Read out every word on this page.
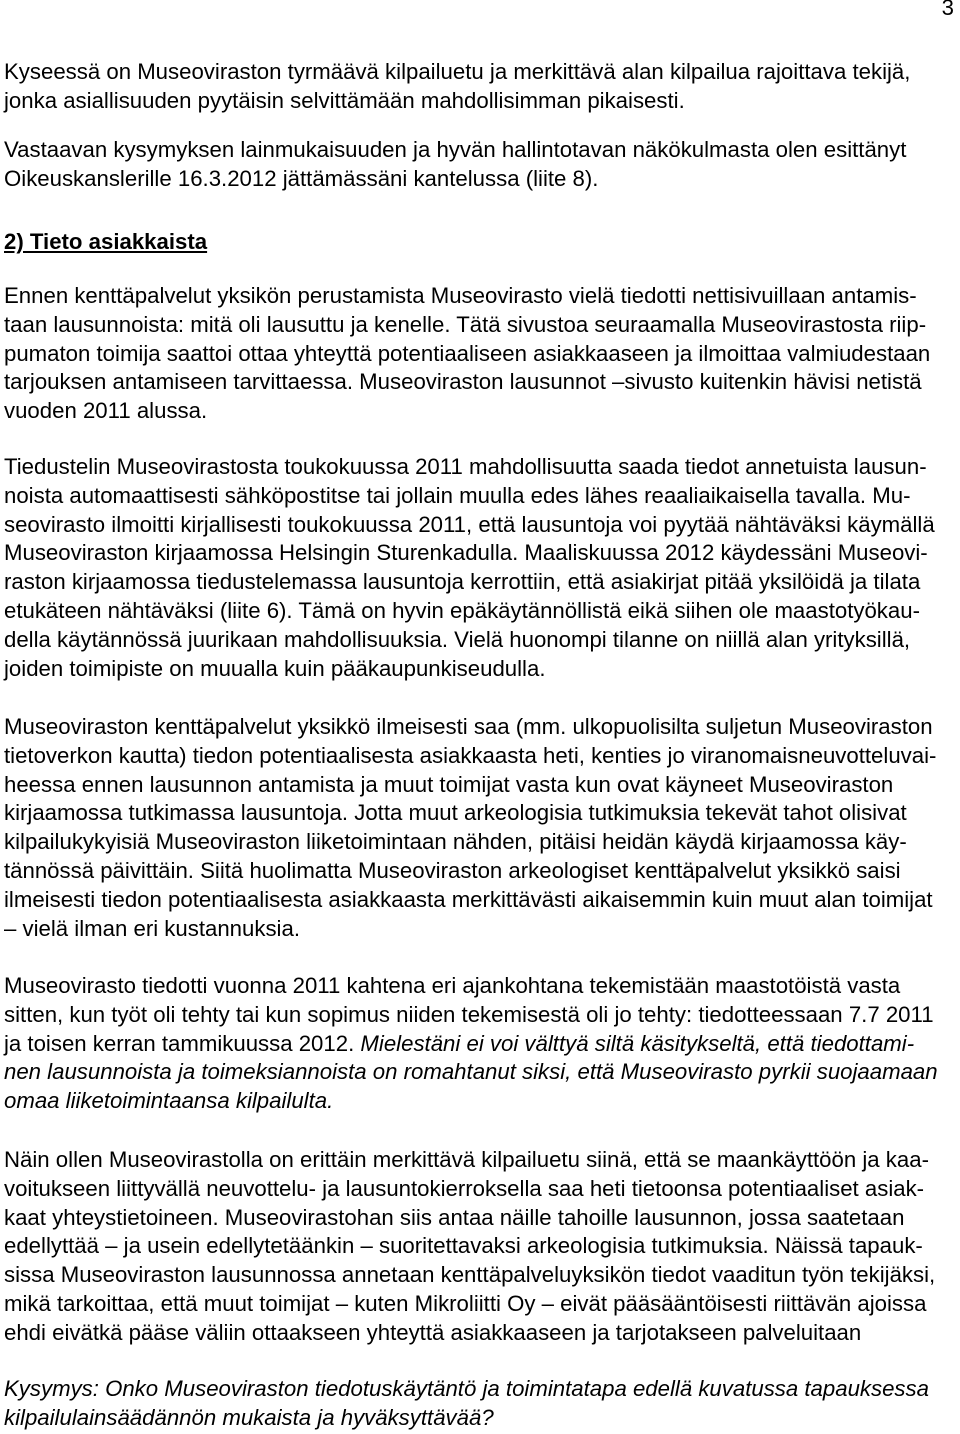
3
Kyseessä on Museoviraston tyrmäävä kilpailuetu ja merkittävä alan kilpailua rajoittava tekijä,
jonka asiallisuuden pyytäisin selvittämään mahdollisimman pikaisesti.
Vastaavan kysymyksen lainmukaisuuden ja hyvän hallintotavan näkökulmasta olen esittänyt
Oikeuskanslerille 16.3.2012 jättämässäni kantelussa (liite 8).
2) Tieto asiakkaista
Ennen kenttäpalvelut yksikön perustamista Museovirasto vielä tiedotti nettisivuillaan antamis-
taan lausunnoista: mitä oli lausuttu ja kenelle. Tätä sivustoa seuraamalla Museovirastosta riip-
pumaton toimija saattoi ottaa yhteyttä potentiaaliseen asiakkaaseen ja ilmoittaa valmiudestaan
tarjouksen antamiseen tarvittaessa. Museoviraston lausunnot –sivusto kuitenkin hävisi netistä
vuoden 2011 alussa.
Tiedustelin Museovirastosta toukokuussa 2011 mahdollisuutta saada tiedot annetuista lausun-
noista automaattisesti sähköpostitse tai jollain muulla edes lähes reaaliaikaisella tavalla. Mu-
seovirasto ilmoitti kirjallisesti toukokuussa 2011, että lausuntoja voi pyytää nähtäväksi käymällä
Museoviraston kirjaamossa Helsingin Sturenkadulla. Maaliskuussa 2012 käydessäni Museovi-
raston kirjaamossa tiedustelemassa lausuntoja kerrottiin, että asiakirjat pitää yksilöidä ja tilata
etukäteen nähtäväksi (liite 6). Tämä on hyvin epäkäytännöllistä eikä siihen ole maastotyökau-
della käytännössä juurikaan mahdollisuuksia. Vielä huonompi tilanne on niillä alan yrityksillä,
joiden toimipiste on muualla kuin pääkaupunkiseudulla.
Museoviraston kenttäpalvelut yksikkö ilmeisesti saa (mm. ulkopuolisilta suljetun Museoviraston
tietoverkon kautta) tiedon potentiaalisesta asiakkaasta heti, kenties jo viranomaisneuvotteluvai-
heessa ennen lausunnon antamista ja muut toimijat vasta kun ovat käyneet Museoviraston
kirjaamossa tutkimassa lausuntoja. Jotta muut arkeologisia tutkimuksia tekevät tahot olisivat
kilpailukykyisiä Museoviraston liiketoimintaan nähden, pitäisi heidän käydä kirjaamossa käy-
tännössä päivittäin. Siitä huolimatta Museoviraston arkeologiset kenttäpalvelut yksikkö saisi
ilmeisesti tiedon potentiaalisesta asiakkaasta merkittävästi aikaisemmin kuin muut alan toimijat
– vielä ilman eri kustannuksia.
Museovirasto tiedotti vuonna 2011 kahtena eri ajankohtana tekemistään maastotöistä vasta
sitten, kun työt oli tehty tai kun sopimus niiden tekemisestä oli jo tehty: tiedotteessaan 7.7 2011
ja toisen kerran tammikuussa 2012. Mielestäni ei voi välttyä siltä käsitykseltä, että tiedottami-
nen lausunnoista ja toimeksiannoista on romahtanut siksi, että Museovirasto pyrkii suojaamaan
omaa liiketoimintaansa kilpailulta.
Näin ollen Museovirastolla on erittäin merkittävä kilpailuetu siinä, että se maankäyttöön ja kaa-
voitukseen liittyvällä neuvottelu- ja lausuntokierroksella saa heti tietoonsa potentiaaliset asiak-
kaat yhteystietoineen. Museovirastohan siis antaa näille tahoille lausunnon, jossa saatetaan
edellyttää – ja usein edellytetäänkin – suoritettavaksi arkeologisia tutkimuksia. Näissä tapauk-
sissa Museoviraston lausunnossa annetaan kenttäpalveluyksikön tiedot vaaditun työn tekijäksi,
mikä tarkoittaa, että muut toimijat – kuten Mikroliitti Oy – eivät pääsääntöisesti riittävän ajoissa
ehdi eivätkä pääse väliin ottaakseen yhteyttä asiakkaaseen ja tarjotakseen palveluitaan
Kysymys: Onko Museoviraston tiedotuskäytäntö ja toimintatapa edellä kuvatussa tapauksessa
kilpailulainsäädännön mukaista ja hyväksyttävää?
